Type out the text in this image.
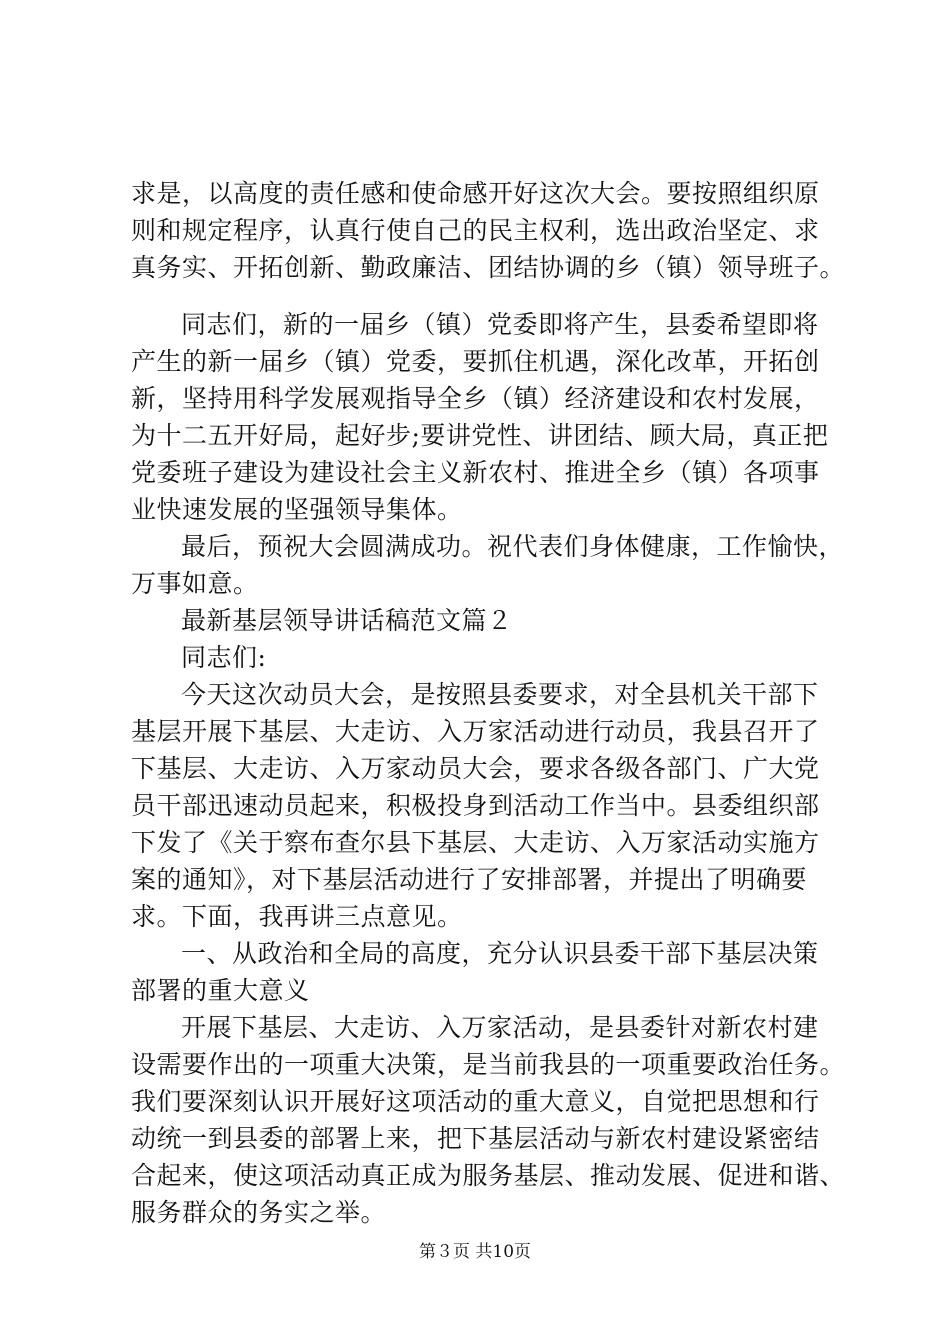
求是，以高度的责任感和使命感开好这次大会。要按照组织原
则和规定程序，认真行使自己的民主权利，选出政治坚定、求
真务实、开拓创新、勤政廉洁、团结协调的乡（镇）领导班子。
同志们，新的一届乡（镇）党委即将产生，县委希望即将
产生的新一届乡（镇）党委，要抓住机遇，深化改革，开拓创
新，坚持用科学发展观指导全乡（镇）经济建设和农村发展，
为十二五开好局，起好步;要讲党性、讲团结、顾大局，真正把
党委班子建设为建设社会主义新农村、推进全乡（镇）各项事
业快速发展的坚强领导集体。
最后，预祝大会圆满成功。祝代表们身体健康，工作愉快，
万事如意。
最新基层领导讲话稿范文篇２
同志们:
今天这次动员大会，是按照县委要求，对全县机关干部下
基层开展下基层、大走访、入万家活动进行动员，我县召开了
下基层、大走访、入万家动员大会，要求各级各部门、广大党
员干部迅速动员起来，积极投身到活动工作当中。县委组织部
下发了《关于察布查尔县下基层、大走访、入万家活动实施方
案的通知》，对下基层活动进行了安排部署，并提出了明确要
求。下面，我再讲三点意见。
一、从政治和全局的高度，充分认识县委干部下基层决策
部署的重大意义
开展下基层、大走访、入万家活动，是县委针对新农村建
设需要作出的一项重大决策，是当前我县的一项重要政治任务。
我们要深刻认识开展好这项活动的重大意义，自觉把思想和行
动统一到县委的部署上来，把下基层活动与新农村建设紧密结
合起来，使这项活动真正成为服务基层、推动发展、促进和谐、
服务群众的务实之举。
第３页 共10页
